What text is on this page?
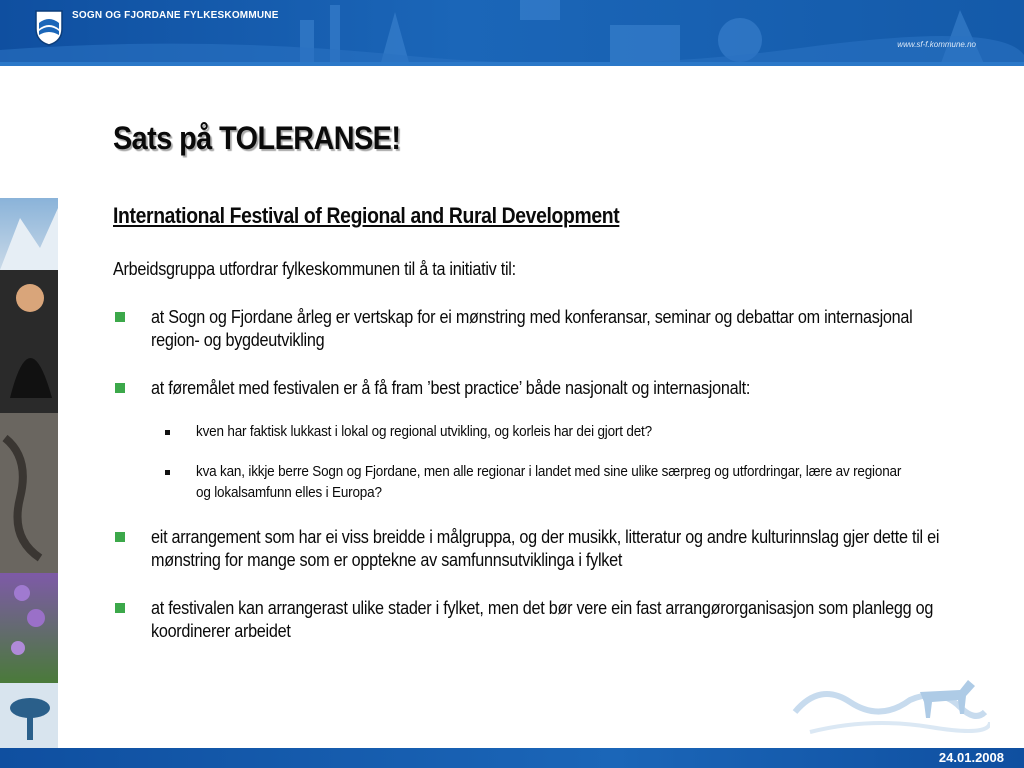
SOGN OG FJORDANE FYLKESKOMMUNE
www.sf-f.kommune.no
Sats på TOLERANSE!
International Festival of Regional and Rural Development

Arbeidsgruppa utfordrar fylkeskommunen til å ta initiativ til:

at Sogn og Fjordane årleg er vertskap for ei mønstring med konferansar, seminar og debattar om internasjonal region- og bygdeutvikling
at føremålet med festivalen er å få fram ’best practice’ både nasjonalt og internasjonalt:
kven har faktisk lukkast i lokal og regional utvikling, og korleis har dei gjort det?
kva kan, ikkje berre Sogn og Fjordane, men alle regionar i landet med sine ulike særpreg og utfordringar, lære av regionar og lokalsamfunn elles i Europa?
eit arrangement som har ei viss breidde i målgruppa, og der musikk, litteratur og andre kulturinnslag gjer dette til ei mønstring for mange som er opptekne av samfunnsutviklinga i fylket
at festivalen kan arrangerast ulike stader i fylket, men det bør vere ein fast arrangørorganisasjon som planlegg og koordinerer arbeidet
24.01.2008
